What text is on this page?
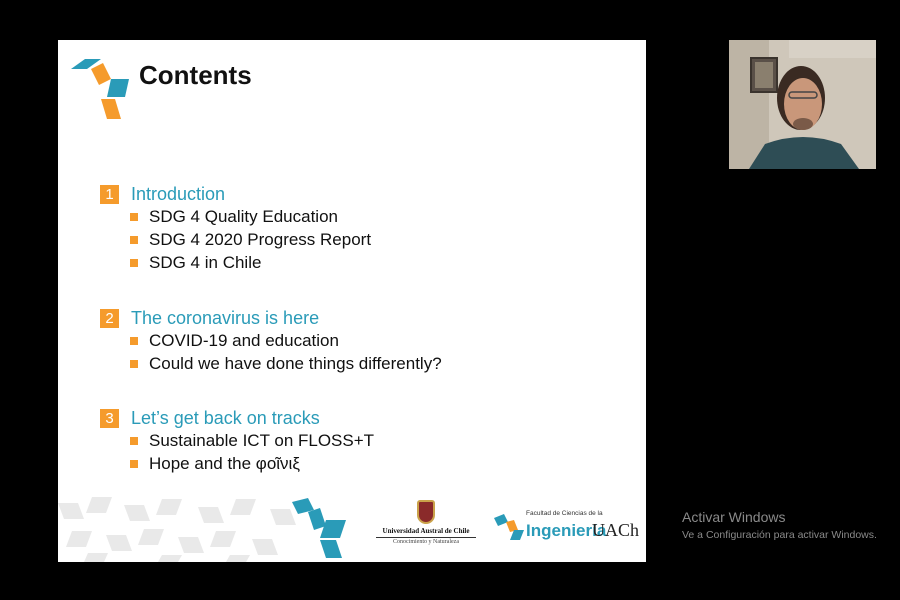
Contents
1 Introduction
SDG 4 Quality Education
SDG 4 2020 Progress Report
SDG 4 in Chile
2 The coronavirus is here
COVID-19 and education
Could we have done things differently?
3 Let’s get back on tracks
Sustainable ICT on FLOSS+T
Hope and the φοῖνιξ
Universidad Austral de Chile
Conocimiento y Naturaleza
Facultad de Ciencias de la
Ingeniería
UACh
Activar Windows
Ve a Configuración para activar Windows.
